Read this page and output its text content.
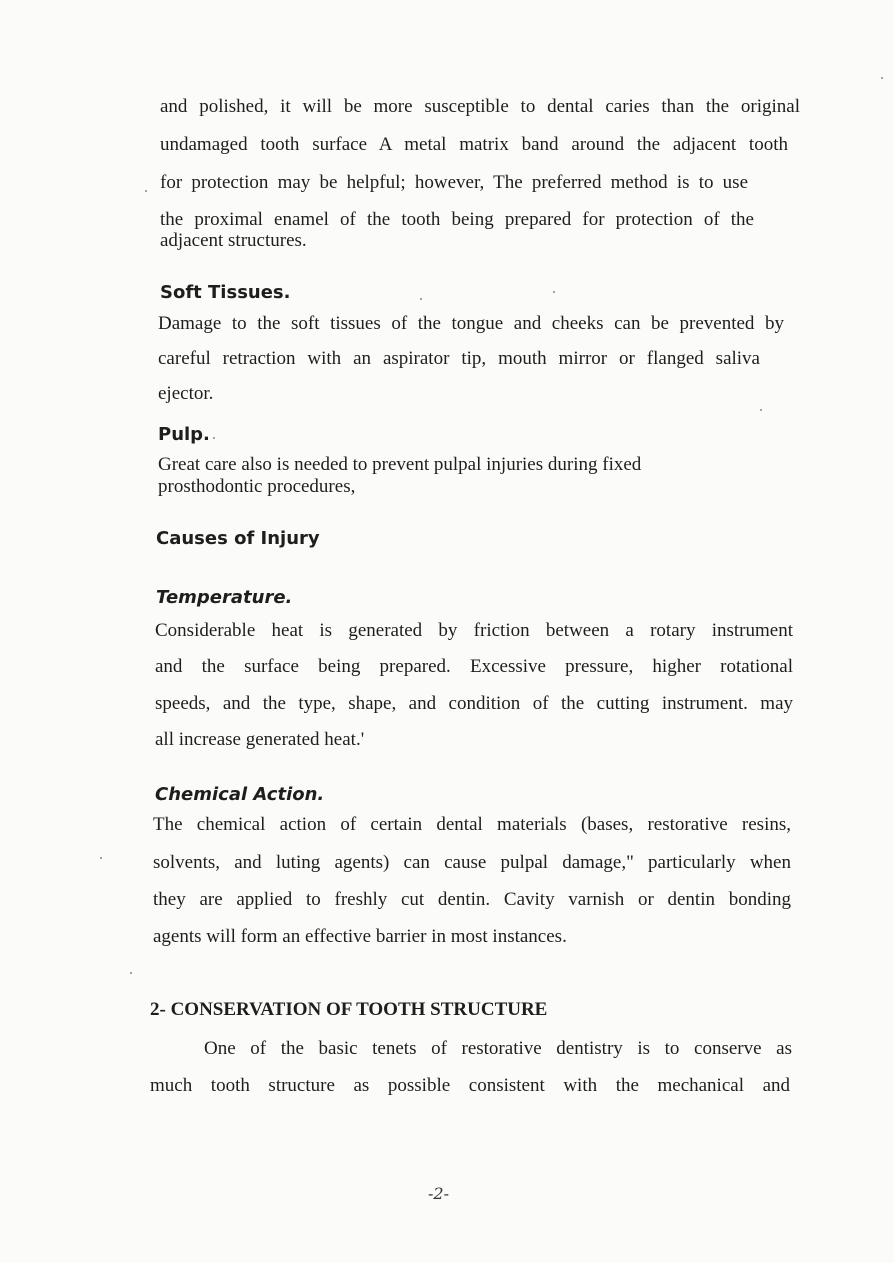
and polished, it will be more susceptible to dental caries than the original
undamaged tooth surface A metal matrix band around the adjacent tooth
for protection may be helpful; however, The preferred method is to use
the proximal enamel of the tooth being prepared for protection of the
adjacent structures.
Soft Tissues.
Damage to the soft tissues of the tongue and cheeks can be prevented by
careful retraction with an aspirator tip, mouth mirror or flanged saliva
ejector.
Pulp.
Great care also is needed to prevent pulpal injuries during fixed
prosthodontic procedures,
Causes of Injury
Temperature.
Considerable heat is generated by friction between a rotary instrument
and the surface being prepared. Excessive pressure, higher rotational
speeds, and the type, shape, and condition of the cutting instrument. may
all increase generated heat.'
Chemical Action.
The chemical action of certain dental materials (bases, restorative resins,
solvents, and luting agents) can cause pulpal damage," particularly when
they are applied to freshly cut dentin. Cavity varnish or dentin bonding
agents will form an effective barrier in most instances.
2- CONSERVATION OF TOOTH STRUCTURE
One of the basic tenets of restorative dentistry is to conserve as
much tooth structure as possible consistent with the mechanical and
-2-
